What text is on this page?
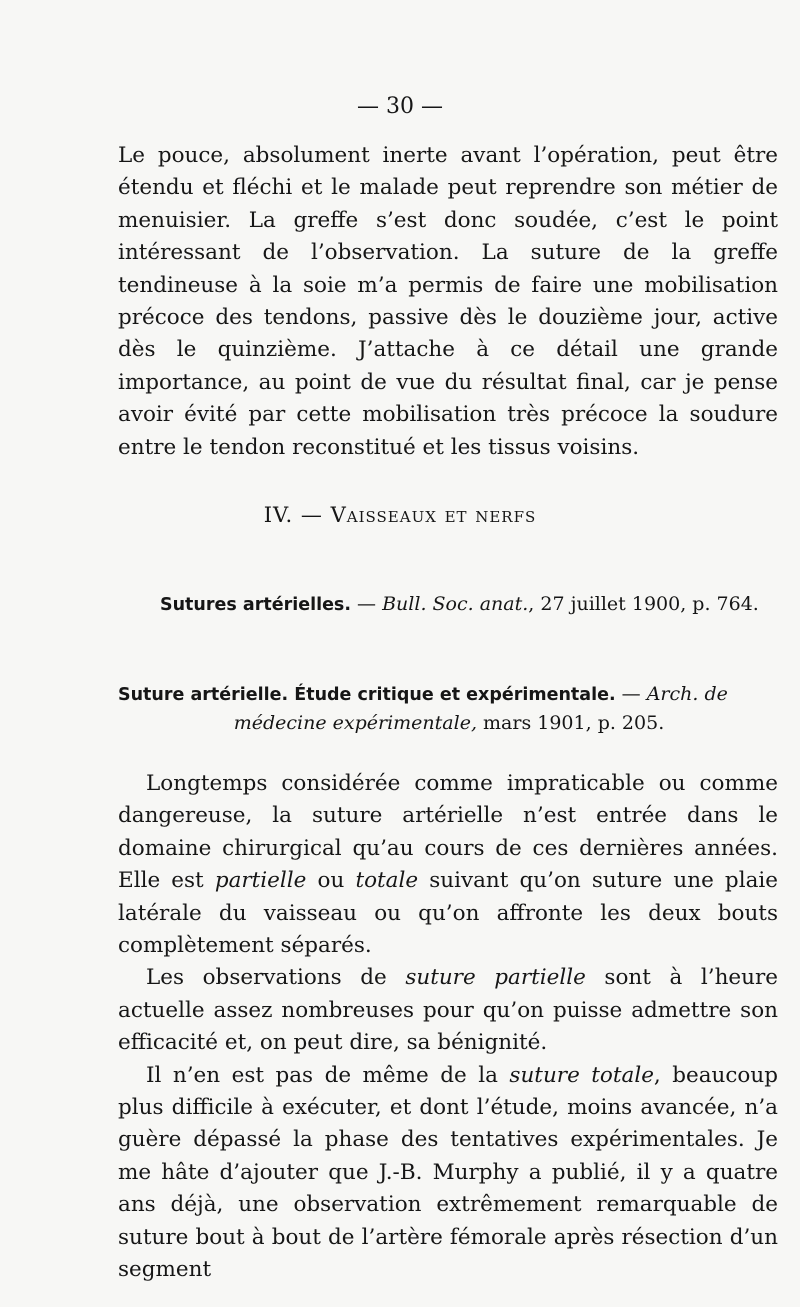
— 30 —

Le pouce, absolument inerte avant l’opération, peut être étendu et fléchi et le malade peut reprendre son métier de menuisier. La greffe s’est donc soudée, c’est le point intéressant de l’observation. La suture de la greffe tendineuse à la soie m’a permis de faire une mobilisation précoce des tendons, passive dès le douzième jour, active dès le quinzième. J’attache à ce détail une grande importance, au point de vue du résultat final, car je pense avoir évité par cette mobilisation très précoce la soudure entre le tendon reconstitué et les tissus voisins.

IV. — Vaisseaux et nerfs
Sutures artérielles. — Bull. Soc. anat., 27 juillet 1900, p. 764.
Suture artérielle. Étude critique et expérimentale. — Arch. de
médecine expérimentale, mars 1901, p. 205.

Longtemps considérée comme impraticable ou comme dangereuse, la suture artérielle n’est entrée dans le domaine chirurgical qu’au cours de ces dernières années. Elle est partielle ou totale suivant qu’on suture une plaie latérale du vaisseau ou qu’on affronte les deux bouts complètement séparés.

Les observations de suture partielle sont à l’heure actuelle assez nombreuses pour qu’on puisse admettre son efficacité et, on peut dire, sa bénignité.

Il n’en est pas de même de la suture totale, beaucoup plus difficile à exécuter, et dont l’étude, moins avancée, n’a guère dépassé la phase des tentatives expérimentales. Je me hâte d’ajouter que J.-B. Murphy a publié, il y a quatre ans déjà, une observation extrêmement remarquable de suture bout à bout de l’artère fémorale après résection d’un segment
